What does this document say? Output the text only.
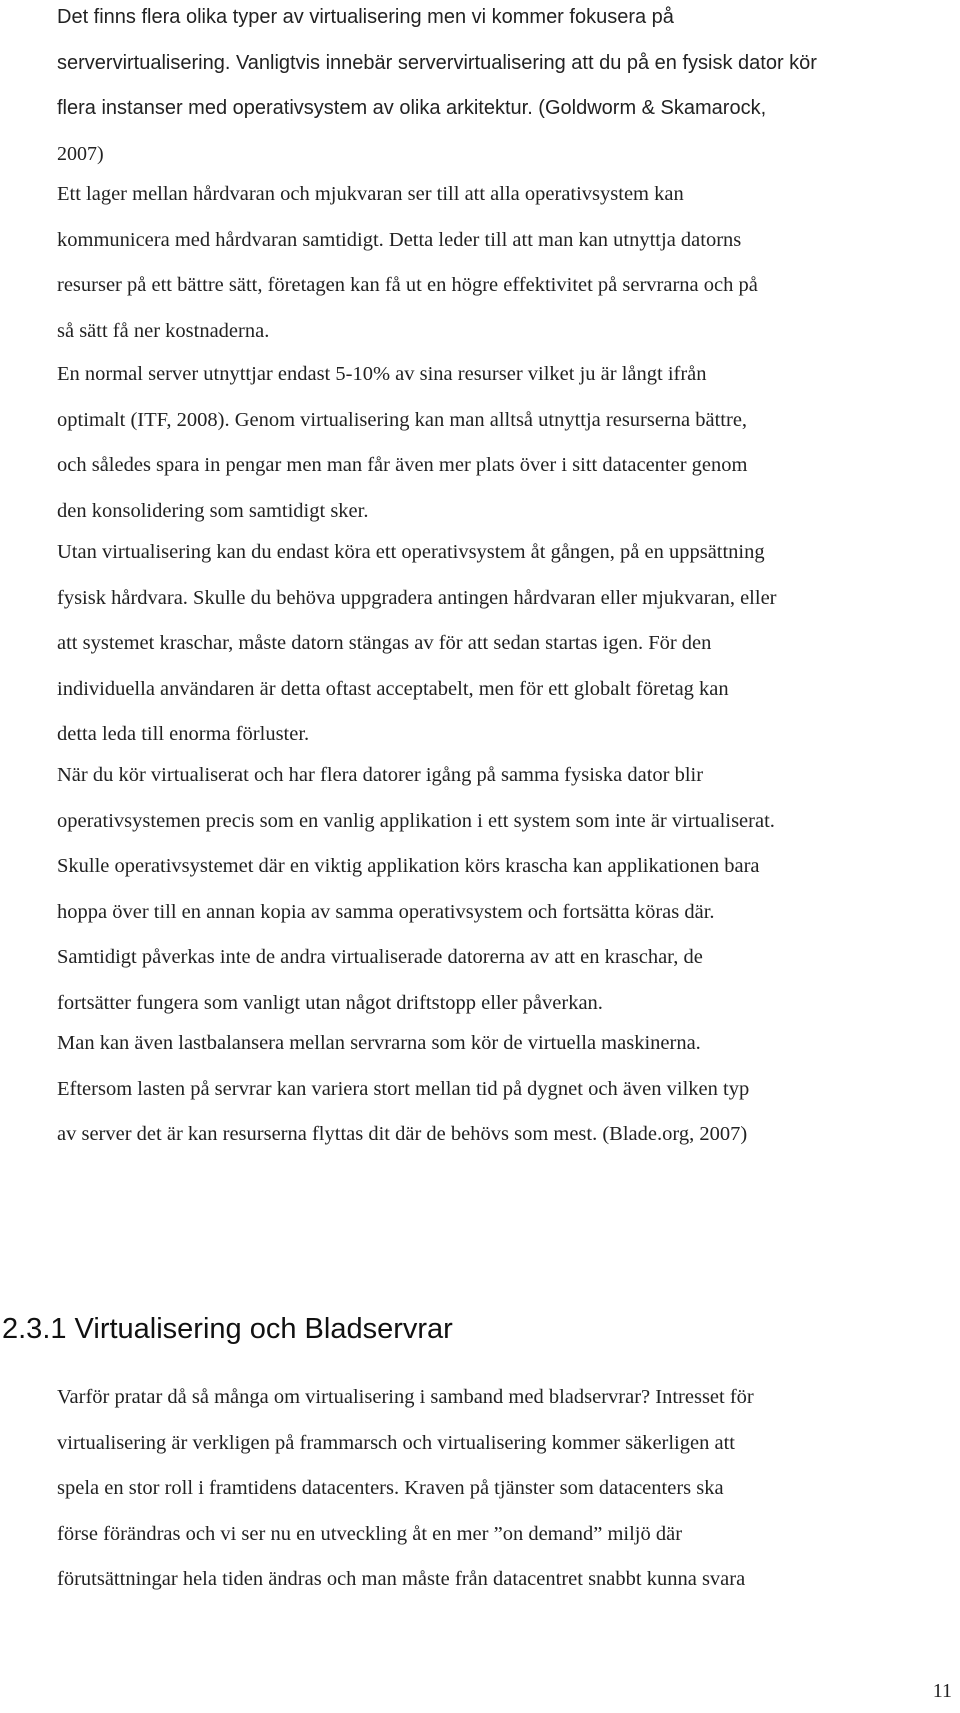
Det finns flera olika typer av virtualisering men vi kommer fokusera på
servervirtualisering. Vanligtvis innebär servervirtualisering att du på en fysisk dator kör
flera instanser med operativsystem av olika arkitektur. (Goldworm & Skamarock,
2007)

Ett lager mellan hårdvaran och mjukvaran ser till att alla operativsystem kan
kommunicera med hårdvaran samtidigt. Detta leder till att man kan utnyttja datorns
resurser på ett bättre sätt, företagen kan få ut en högre effektivitet på servrarna och på
så sätt få ner kostnaderna.

En normal server utnyttjar endast 5-10% av sina resurser vilket ju är långt ifrån
optimalt (ITF, 2008). Genom virtualisering kan man alltså utnyttja resurserna bättre,
och således spara in pengar men man får även mer plats över i sitt datacenter genom
den konsolidering som samtidigt sker.

Utan virtualisering kan du endast köra ett operativsystem åt gången, på en uppsättning
fysisk hårdvara. Skulle du behöva uppgradera antingen hårdvaran eller mjukvaran, eller
att systemet kraschar, måste datorn stängas av för att sedan startas igen. För den
individuella användaren är detta oftast acceptabelt, men för ett globalt företag kan
detta leda till enorma förluster.

När du kör virtualiserat och har flera datorer igång på samma fysiska dator blir
operativsystemen precis som en vanlig applikation i ett system som inte är virtualiserat.
Skulle operativsystemet där en viktig applikation körs krascha kan applikationen bara
hoppa över till en annan kopia av samma operativsystem och fortsätta köras där.
Samtidigt påverkas inte de andra virtualiserade datorerna av att en kraschar, de
fortsätter fungera som vanligt utan något driftstopp eller påverkan.

Man kan även lastbalansera mellan servrarna som kör de virtuella maskinerna.
Eftersom lasten på servrar kan variera stort mellan tid på dygnet och även vilken typ
av server det är kan resurserna flyttas dit där de behövs som mest. (Blade.org, 2007)

2.3.1 Virtualisering och Bladservrar

Varför pratar då så många om virtualisering i samband med bladservrar? Intresset för
virtualisering är verkligen på frammarsch och virtualisering kommer säkerligen att
spela en stor roll i framtidens datacenters. Kraven på tjänster som datacenters ska
förse förändras och vi ser nu en utveckling åt en mer ”on demand” miljö där
förutsättningar hela tiden ändras och man måste från datacentret snabbt kunna svara

11
